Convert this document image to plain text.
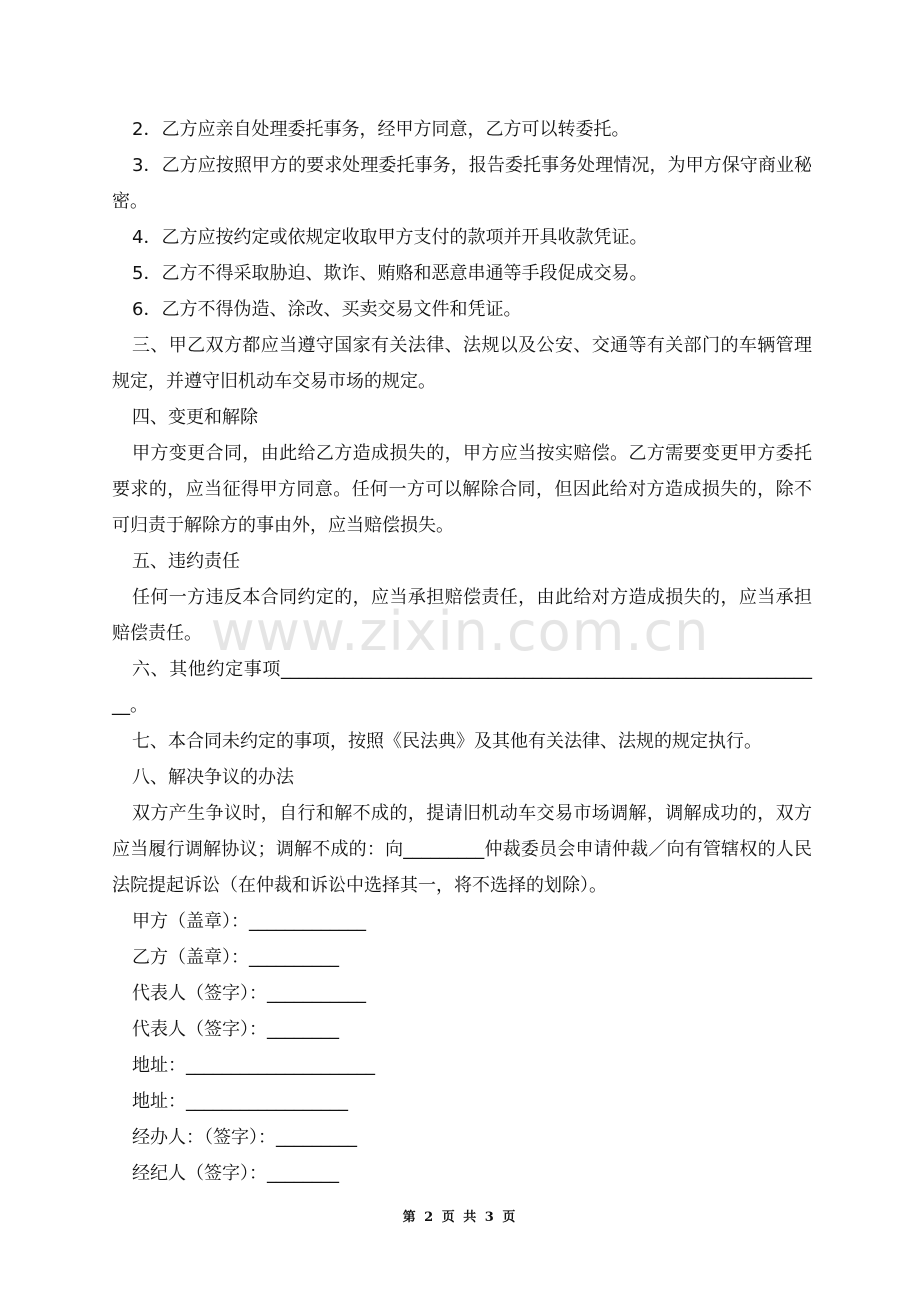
www.zixin.com.cn

2．乙方应亲自处理委托事务，经甲方同意，乙方可以转委托。

3．乙方应按照甲方的要求处理委托事务，报告委托事务处理情况，为甲方保守商业秘密。

4．乙方应按约定或依规定收取甲方支付的款项并开具收款凭证。

5．乙方不得采取胁迫、欺诈、贿赂和恶意串通等手段促成交易。

6．乙方不得伪造、涂改、买卖交易文件和凭证。

三、甲乙双方都应当遵守国家有关法律、法规以及公安、交通等有关部门的车辆管理规定，并遵守旧机动车交易市场的规定。

四、变更和解除

甲方变更合同，由此给乙方造成损失的，甲方应当按实赔偿。乙方需要变更甲方委托要求的，应当征得甲方同意。任何一方可以解除合同，但因此给对方造成损失的，除不可归责于解除方的事由外，应当赔偿损失。

五、违约责任

任何一方违反本合同约定的，应当承担赔偿责任，由此给对方造成损失的，应当承担赔偿责任。

六、其他约定事项_____________________________________________________________。

七、本合同未约定的事项，按照《民法典》及其他有关法律、法规的规定执行。

八、解决争议的办法

双方产生争议时，自行和解不成的，提请旧机动车交易市场调解，调解成功的，双方应当履行调解协议；调解不成的：向_________仲裁委员会申请仲裁／向有管辖权的人民法院提起诉讼（在仲裁和诉讼中选择其一，将不选择的划除）。

甲方（盖章）：_____________

乙方（盖章）：__________

代表人（签字）：___________

代表人（签字）：________

地址：_____________________

地址：__________________

经办人：（签字）：_________

经纪人（签字）：________

第 2 页 共 3 页
